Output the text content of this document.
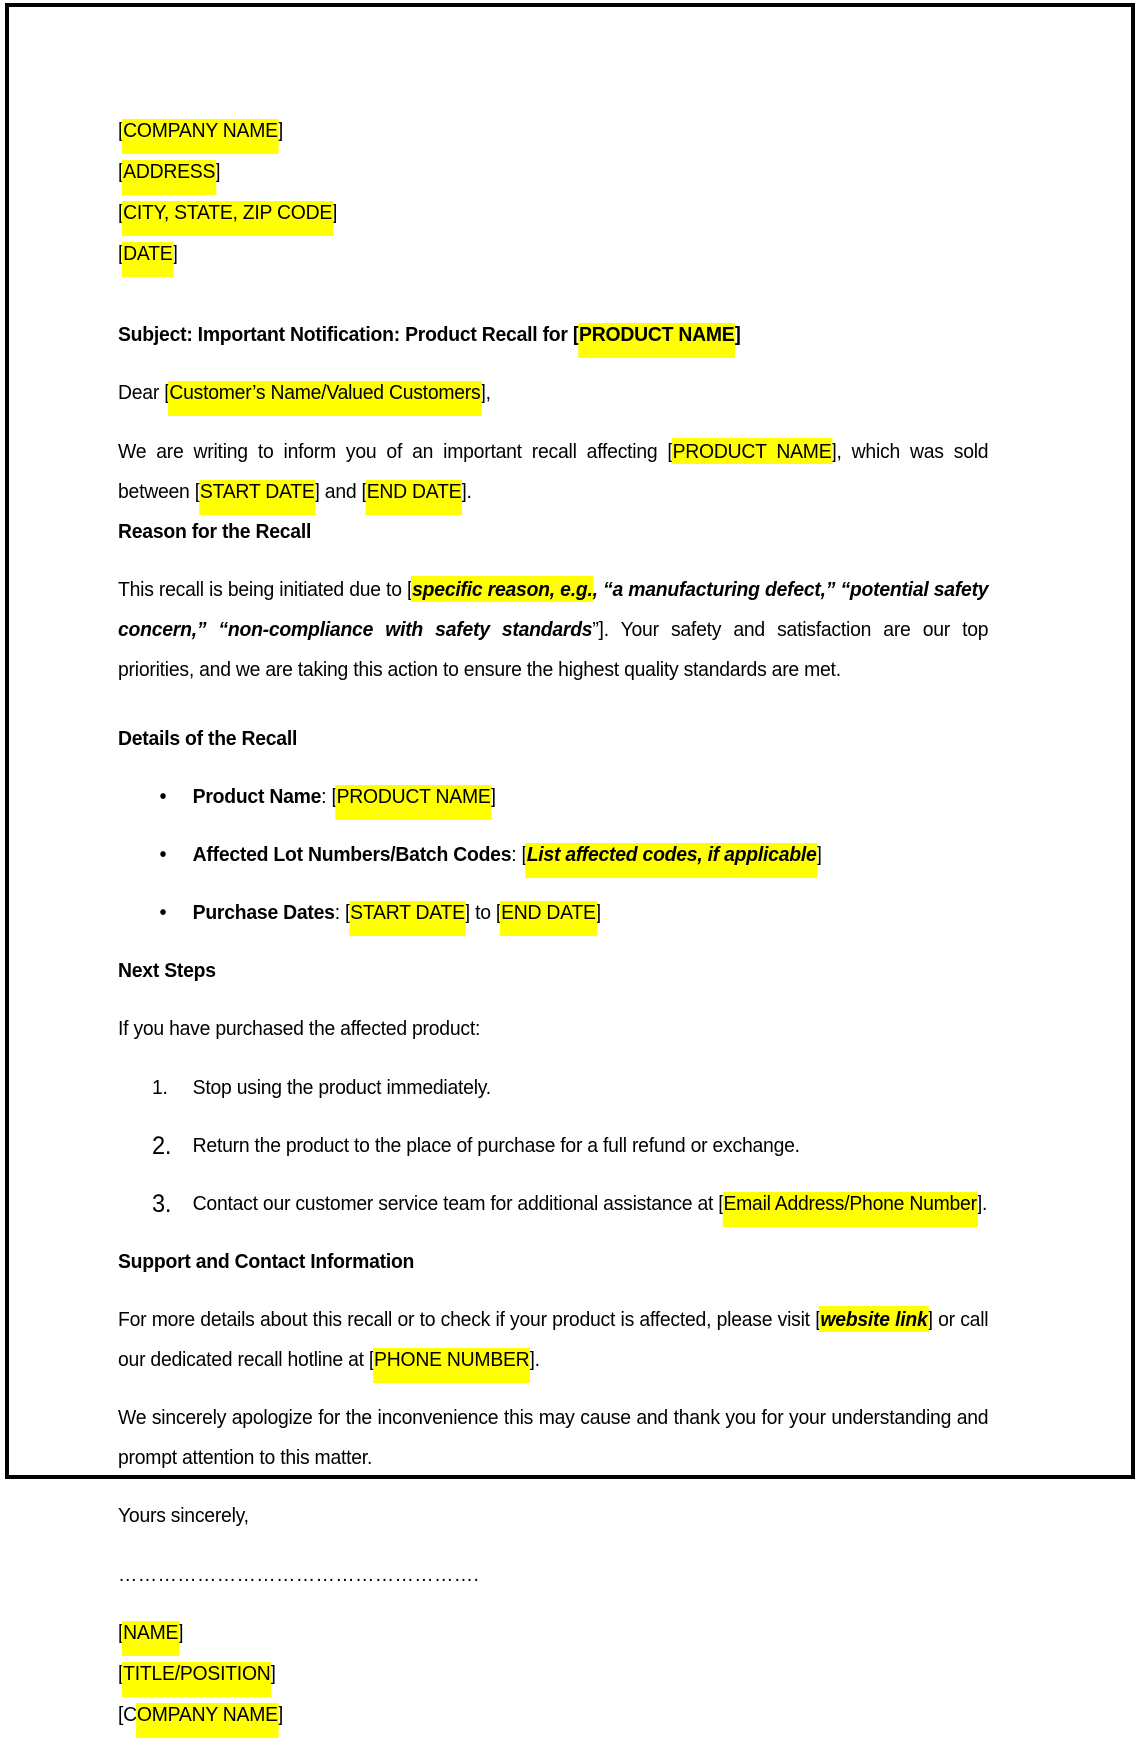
[COMPANY NAME]

[ADDRESS]

[CITY, STATE, ZIP CODE]

[DATE]

Subject: Important Notification: Product Recall for [PRODUCT NAME]

Dear [Customer’s Name/Valued Customers],

We are writing to inform you of an important recall affecting [PRODUCT NAME], which was sold between [START DATE] and [END DATE].

Reason for the Recall

This recall is being initiated due to [specific reason, e.g., “a manufacturing defect,” “potential safety concern,” “non-compliance with safety standards”]. Your safety and satisfaction are our top priorities, and we are taking this action to ensure the highest quality standards are met.

Details of the Recall

• Product Name: [PRODUCT NAME]

• Affected Lot Numbers/Batch Codes: [List affected codes, if applicable]

• Purchase Dates: [START DATE] to [END DATE]

Next Steps

If you have purchased the affected product:

1. Stop using the product immediately.

2. Return the product to the place of purchase for a full refund or exchange.

3. Contact our customer service team for additional assistance at [Email Address/Phone Number].

Support and Contact Information

For more details about this recall or to check if your product is affected, please visit [website link] or call our dedicated recall hotline at [PHONE NUMBER].

We sincerely apologize for the inconvenience this may cause and thank you for your understanding and prompt attention to this matter.

Yours sincerely,

……………………………………………….

[NAME]

[TITLE/POSITION]

[COMPANY NAME]
